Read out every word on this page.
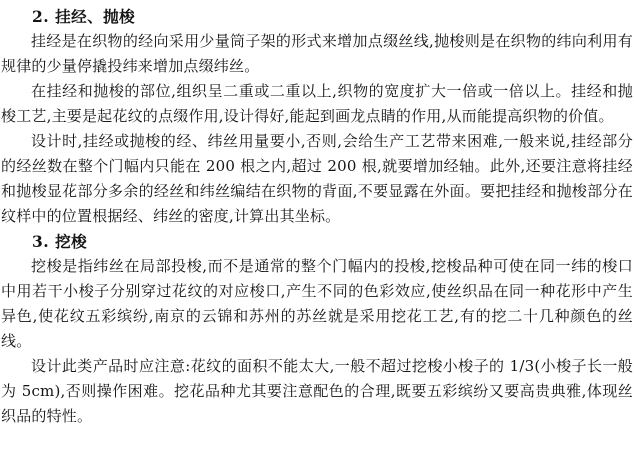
2. 挂经、抛梭

挂经是在织物的经向采用少量筒子架的形式来增加点缀丝线,抛梭则是在织物的纬向利用有规律的少量停撬投纬来增加点缀纬丝。

在挂经和抛梭的部位,组织呈二重或二重以上,织物的宽度扩大一倍或一倍以上。挂经和抛梭工艺,主要是起花纹的点缀作用,设计得好,能起到画龙点睛的作用,从而能提高织物的价值。

设计时,挂经或抛梭的经、纬丝用量要小,否则,会给生产工艺带来困难,一般来说,挂经部分的经丝数在整个门幅内只能在 200 根之内,超过 200 根,就要增加经轴。此外,还要注意将挂经和抛梭显花部分多余的经丝和纬丝编结在织物的背面,不要显露在外面。要把挂经和抛梭部分在纹样中的位置根据经、纬丝的密度,计算出其坐标。

3. 挖梭

挖梭是指纬丝在局部投梭,而不是通常的整个门幅内的投梭,挖梭品种可使在同一纬的梭口中用若干小梭子分别穿过花纹的对应梭口,产生不同的色彩效应,使丝织品在同一种花形中产生异色,使花纹五彩缤纷,南京的云锦和苏州的苏丝就是采用挖花工艺,有的挖二十几种颜色的丝线。

设计此类产品时应注意:花纹的面积不能太大,一般不超过挖梭小梭子的 1/3(小梭子长一般为 5cm),否则操作困难。挖花品种尤其要注意配色的合理,既要五彩缤纷又要高贵典雅,体现丝织品的特性。
